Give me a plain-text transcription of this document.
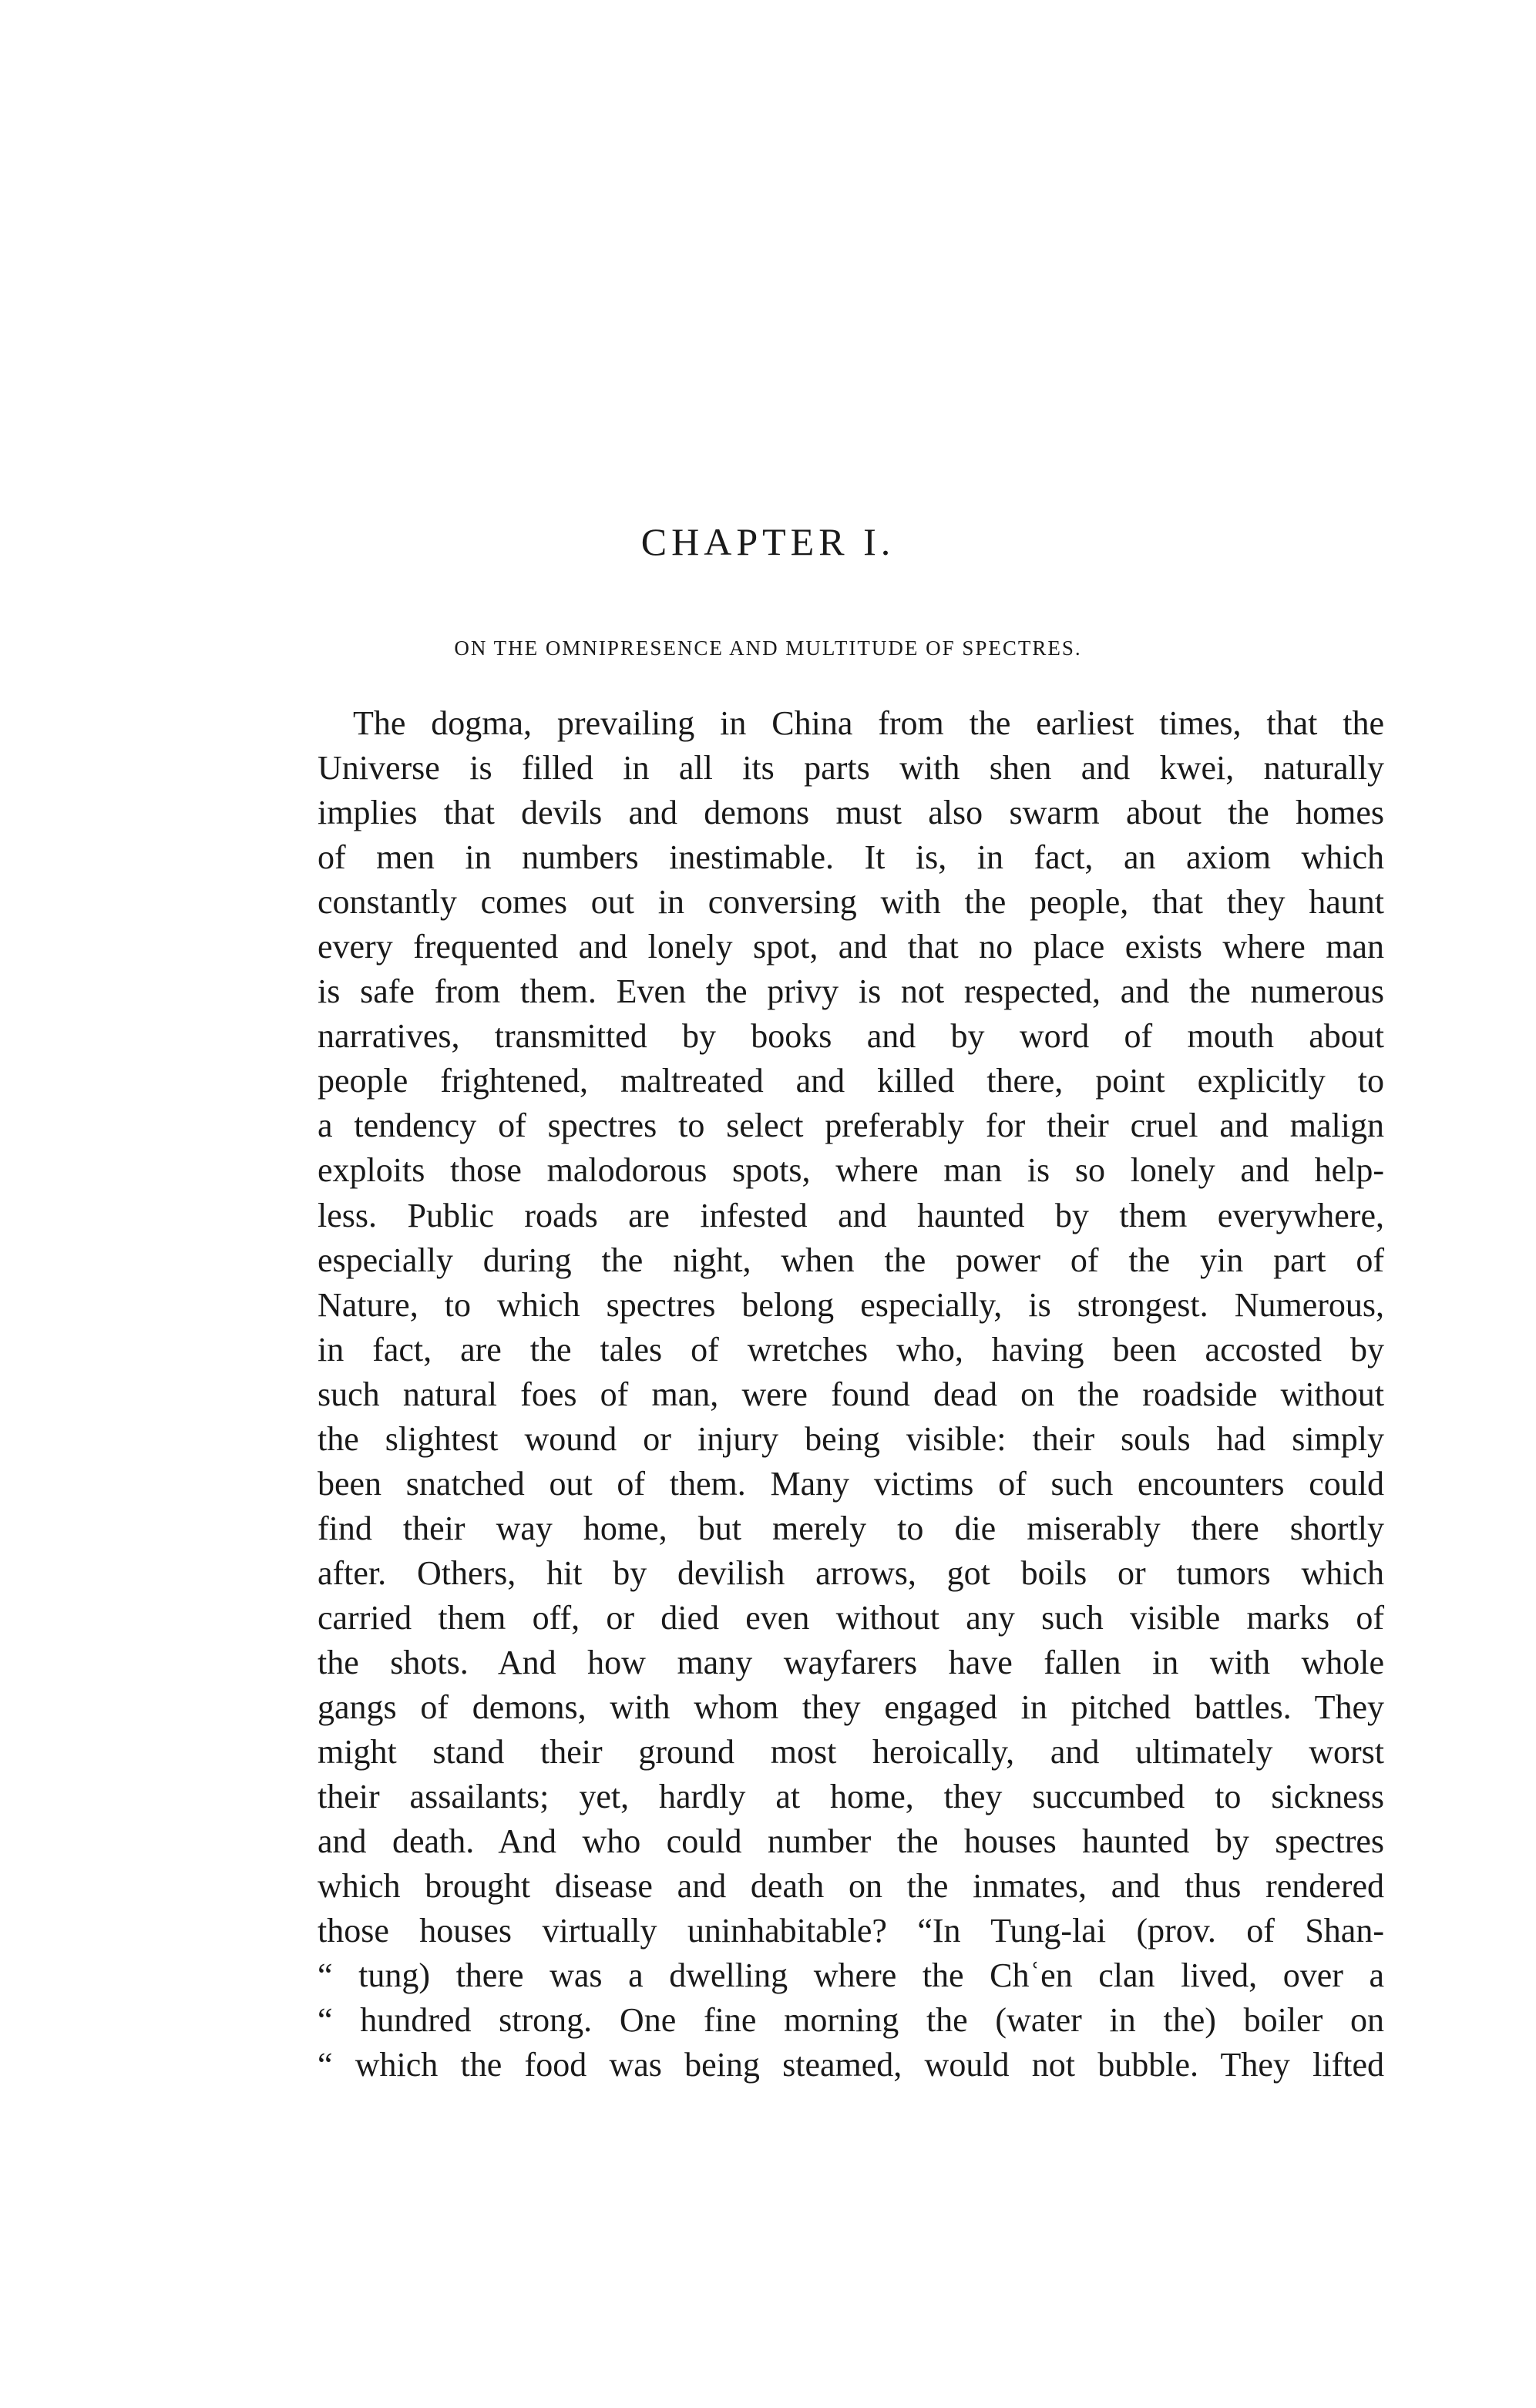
CHAPTER I.
ON THE OMNIPRESENCE AND MULTITUDE OF SPECTRES.
The dogma, prevailing in China from the earliest times, that the
Universe is filled in all its parts with shen and kwei, naturally
implies that devils and demons must also swarm about the homes
of men in numbers inestimable. It is, in fact, an axiom which
constantly comes out in conversing with the people, that they haunt
every frequented and lonely spot, and that no place exists where man
is safe from them. Even the privy is not respected, and the numerous
narratives, transmitted by books and by word of mouth about
people frightened, maltreated and killed there, point explicitly to
a tendency of spectres to select preferably for their cruel and malign
exploits those malodorous spots, where man is so lonely and help-
less. Public roads are infested and haunted by them everywhere,
especially during the night, when the power of the yin part of
Nature, to which spectres belong especially, is strongest. Numerous,
in fact, are the tales of wretches who, having been accosted by
such natural foes of man, were found dead on the roadside without
the slightest wound or injury being visible: their souls had simply
been snatched out of them. Many victims of such encounters could
find their way home, but merely to die miserably there shortly
after. Others, hit by devilish arrows, got boils or tumors which
carried them off, or died even without any such visible marks of
the shots. And how many wayfarers have fallen in with whole
gangs of demons, with whom they engaged in pitched battles. They
might stand their ground most heroically, and ultimately worst
their assailants; yet, hardly at home, they succumbed to sickness
and death. And who could number the houses haunted by spectres
which brought disease and death on the inmates, and thus rendered
those houses virtually uninhabitable? “In Tung-lai (prov. of Shan-
“ tung) there was a dwelling where the Chʿen clan lived, over a
“ hundred strong. One fine morning the (water in the) boiler on
“ which the food was being steamed, would not bubble. They lifted
